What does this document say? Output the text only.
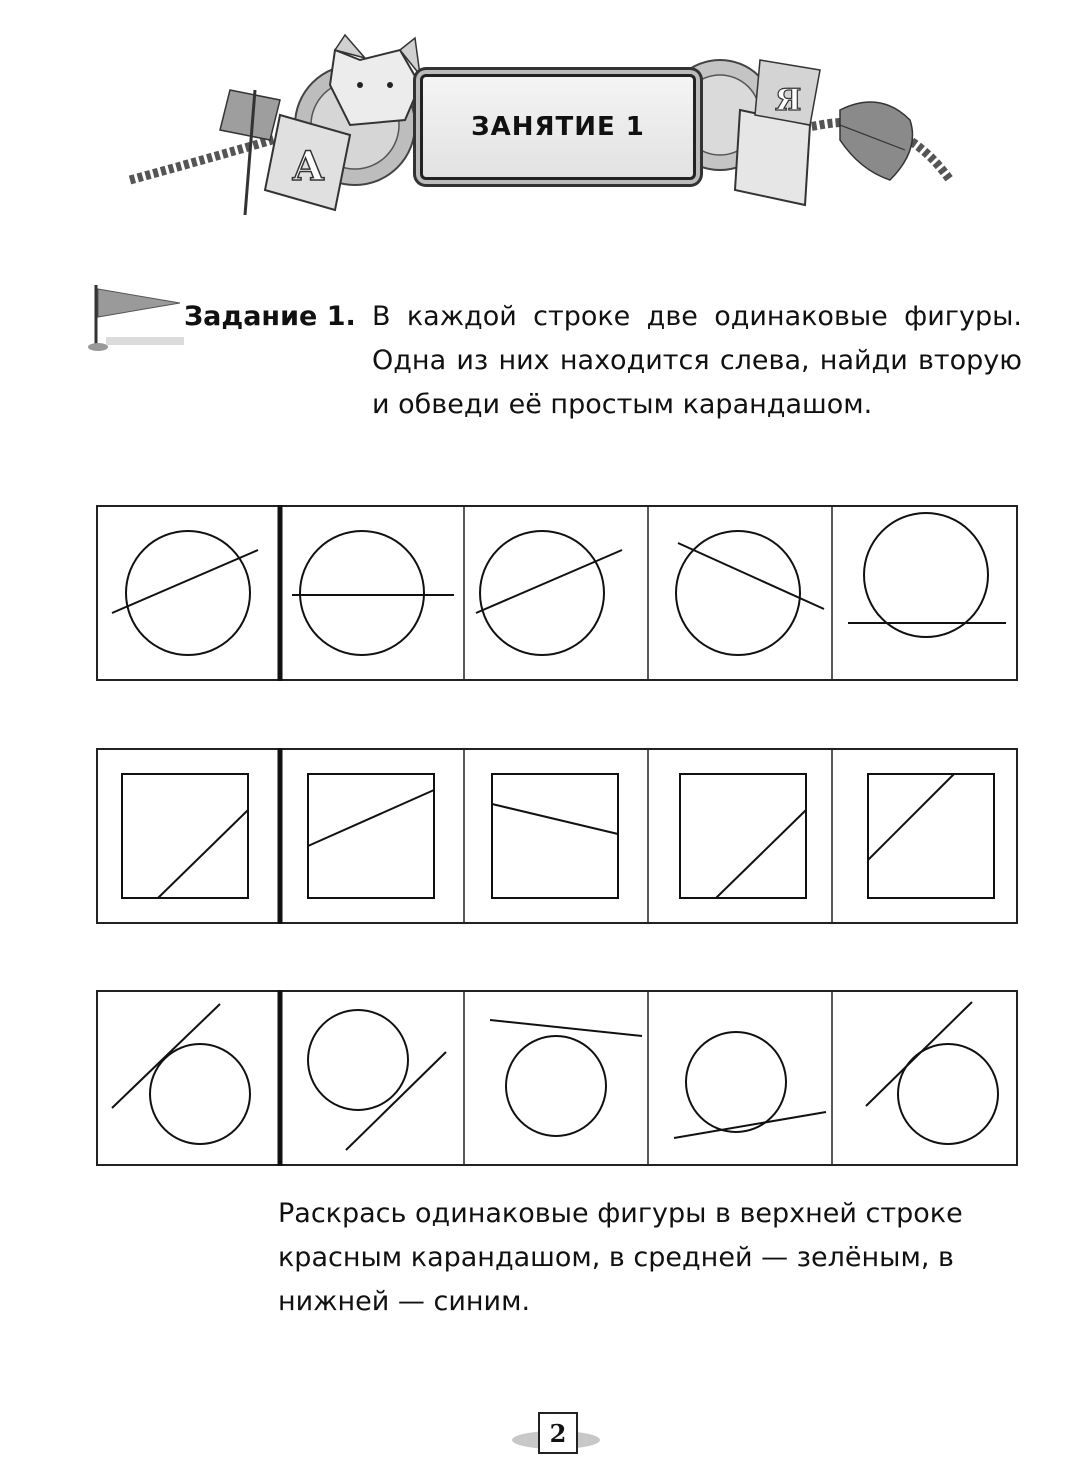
А
Я
ЗАНЯТИЕ 1
Задание 1. В каждой строке две одинаковые фигуры. Одна из них находится слева, найди вторую и обведи её простым карандашом.
Раскрась одинаковые фигуры в верхней строке красным карандашом, в средней — зелёным, в нижней — синим.
2
